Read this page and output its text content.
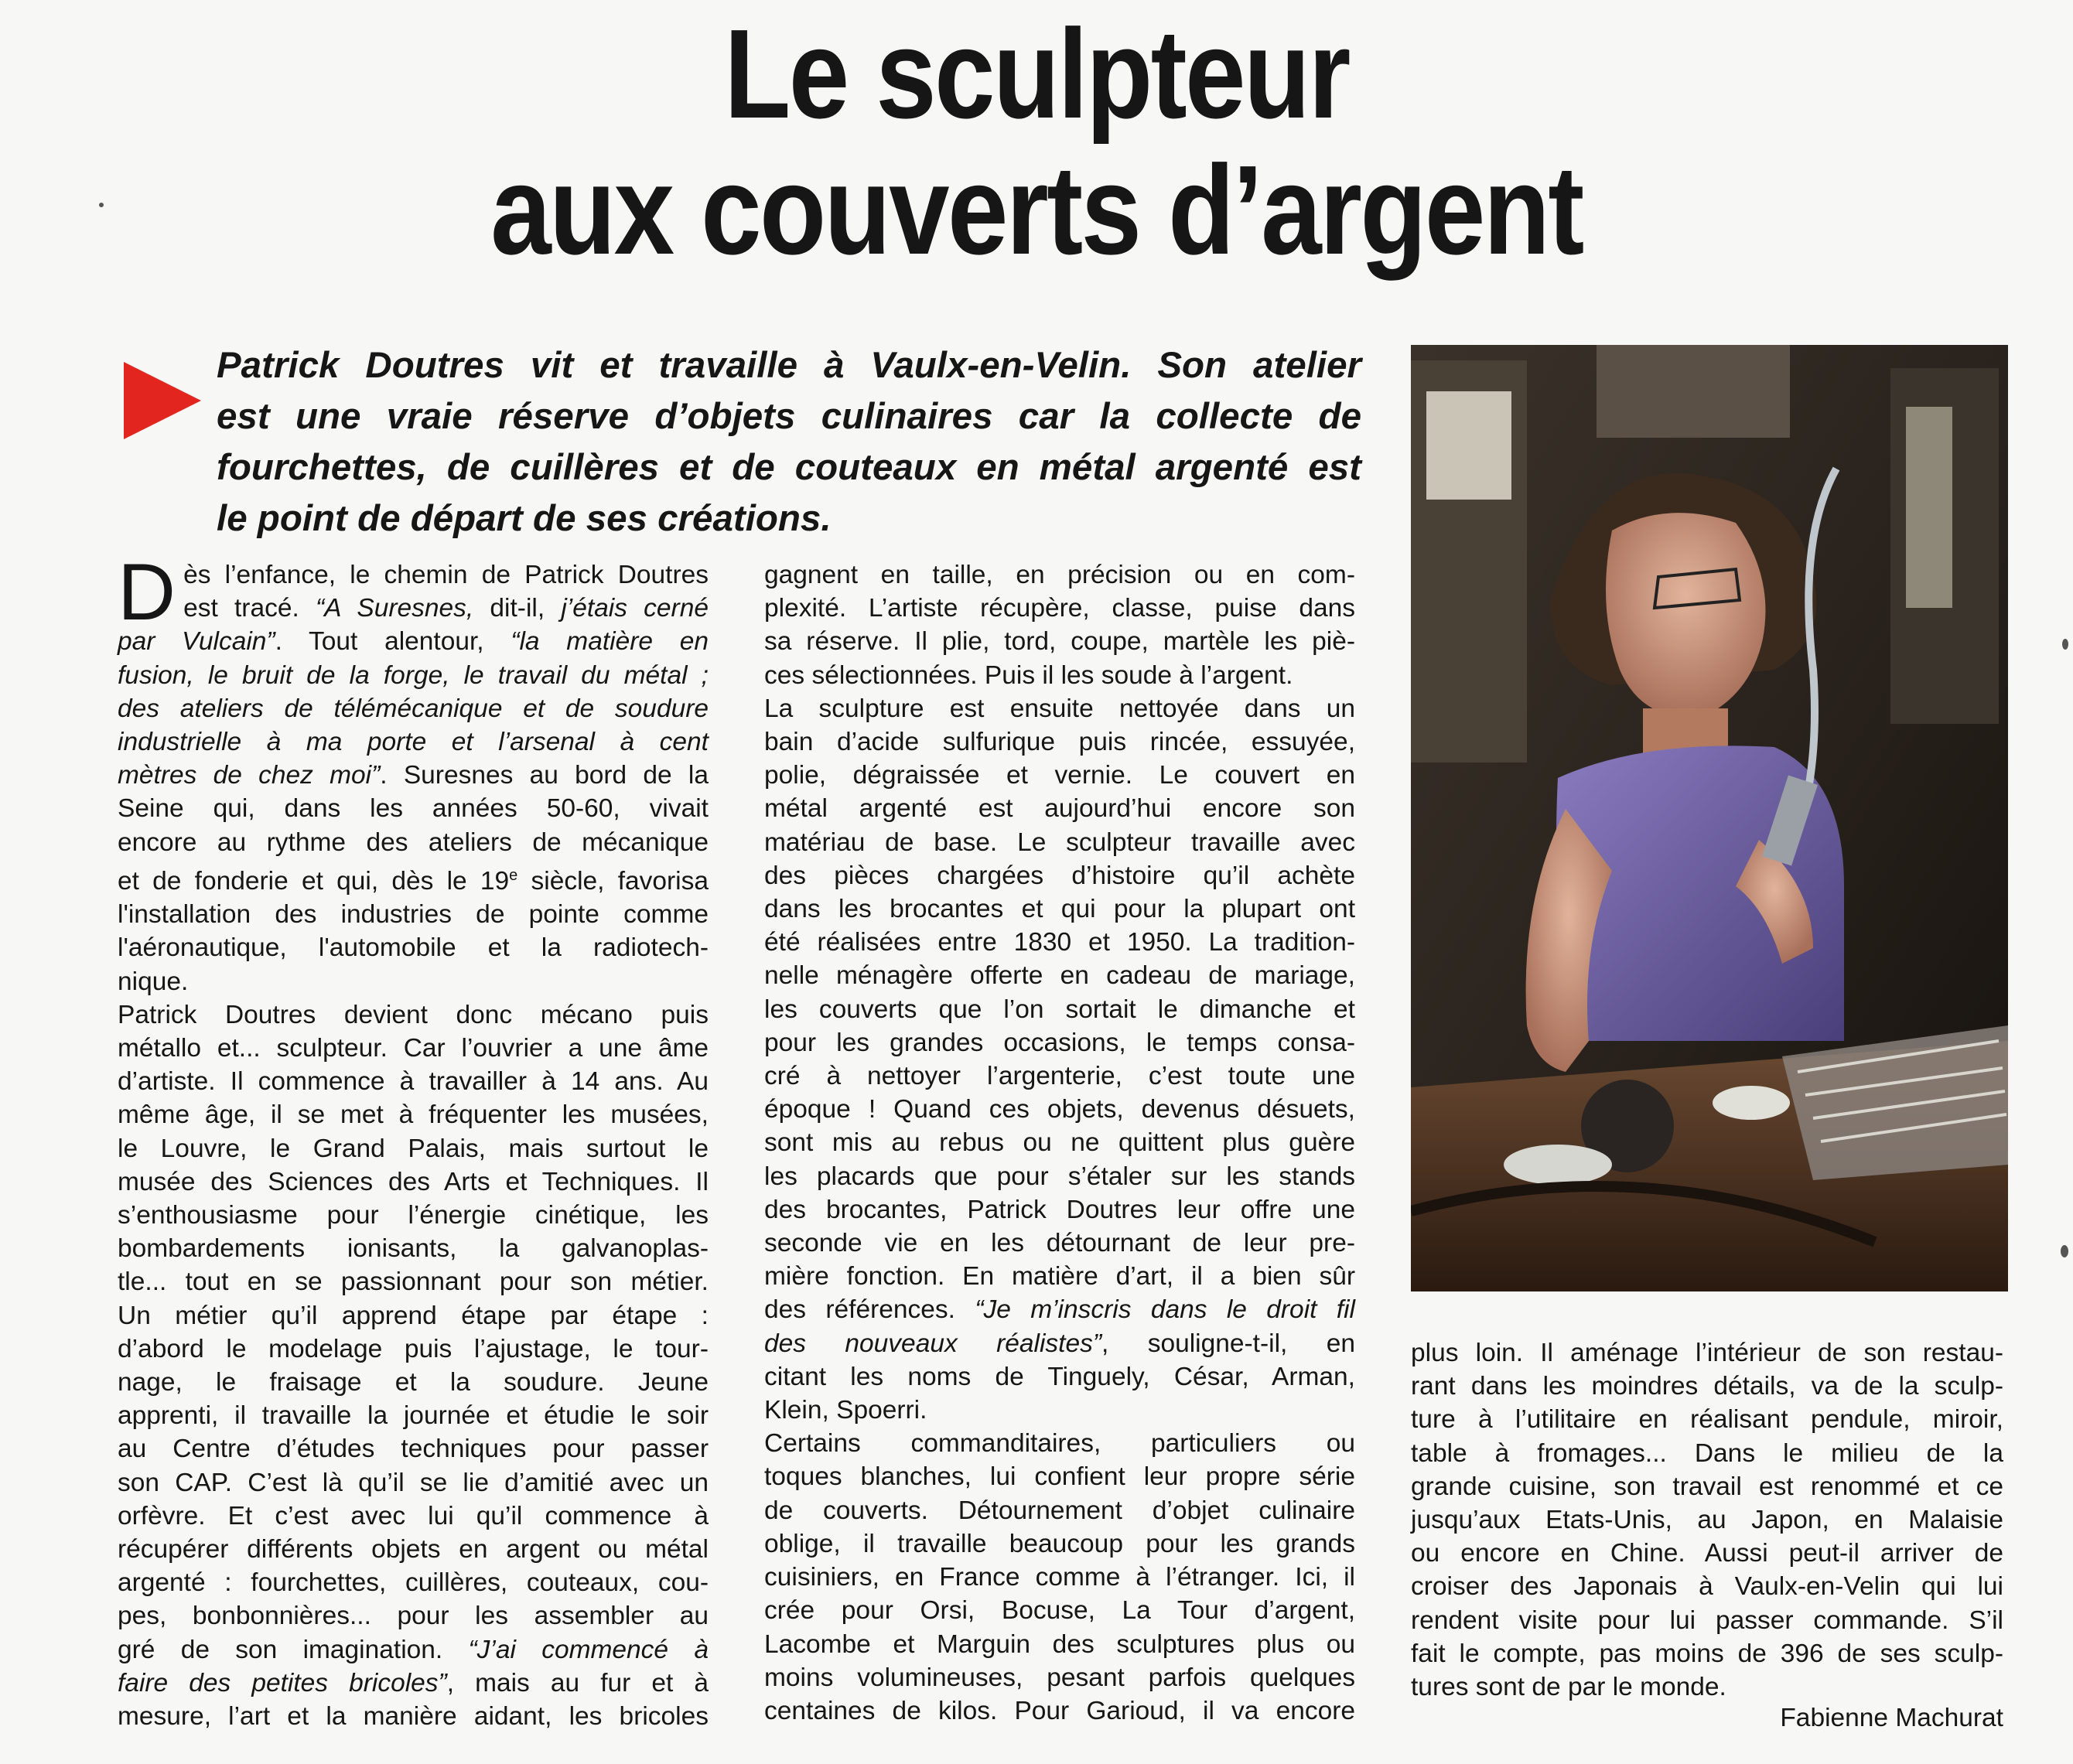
Le sculpteur
aux couverts d’argent
Patrick Doutres vit et travaille à Vaulx-en-Velin. Son atelier
est une vraie réserve d’objets culinaires car la collecte de
fourchettes, de cuillères et de couteaux en métal argenté est
le point de départ de ses créations.
D ès l’enfance, le chemin de Patrick Doutres
est tracé. “A Suresnes, dit-il, j’étais cerné
par Vulcain”. Tout alentour, “la matière en
fusion, le bruit de la forge, le travail du métal ;
des ateliers de télémécanique et de soudure
industrielle à ma porte et l’arsenal à cent
mètres de chez moi”. Suresnes au bord de la
Seine qui, dans les années 50-60, vivait
encore au rythme des ateliers de mécanique
et de fonderie et qui, dès le 19e siècle, favorisa
l'installation des industries de pointe comme
l'aéronautique, l'automobile et la radiotech-
nique.
Patrick Doutres devient donc mécano puis
métallo et... sculpteur. Car l’ouvrier a une âme
d’artiste. Il commence à travailler à 14 ans. Au
même âge, il se met à fréquenter les musées,
le Louvre, le Grand Palais, mais surtout le
musée des Sciences des Arts et Techniques. Il
s’enthousiasme pour l’énergie cinétique, les
bombardements ionisants, la galvanoplas-
tle... tout en se passionnant pour son métier.
Un métier qu’il apprend étape par étape :
d’abord le modelage puis l’ajustage, le tour-
nage, le fraisage et la soudure. Jeune
apprenti, il travaille la journée et étudie le soir
au Centre d’études techniques pour passer
son CAP. C’est là qu’il se lie d’amitié avec un
orfèvre. Et c’est avec lui qu’il commence à
récupérer différents objets en argent ou métal
argenté : fourchettes, cuillères, couteaux, cou-
pes, bonbonnières... pour les assembler au
gré de son imagination. “J’ai commencé à
faire des petites bricoles”, mais au fur et à
mesure, l’art et la manière aidant, les bricoles
gagnent en taille, en précision ou en com-
plexité. L’artiste récupère, classe, puise dans
sa réserve. Il plie, tord, coupe, martèle les piè-
ces sélectionnées. Puis il les soude à l’argent.
La sculpture est ensuite nettoyée dans un
bain d’acide sulfurique puis rincée, essuyée,
polie, dégraissée et vernie. Le couvert en
métal argenté est aujourd’hui encore son
matériau de base. Le sculpteur travaille avec
des pièces chargées d’histoire qu’il achète
dans les brocantes et qui pour la plupart ont
été réalisées entre 1830 et 1950. La tradition-
nelle ménagère offerte en cadeau de mariage,
les couverts que l’on sortait le dimanche et
pour les grandes occasions, le temps consa-
cré à nettoyer l’argenterie, c’est toute une
époque ! Quand ces objets, devenus désuets,
sont mis au rebus ou ne quittent plus guère
les placards que pour s’étaler sur les stands
des brocantes, Patrick Doutres leur offre une
seconde vie en les détournant de leur pre-
mière fonction. En matière d’art, il a bien sûr
des références. “Je m’inscris dans le droit fil
des nouveaux réalistes”, souligne-t-il, en
citant les noms de Tinguely, César, Arman,
Klein, Spoerri.
Certains commanditaires, particuliers ou
toques blanches, lui confient leur propre série
de couverts. Détournement d’objet culinaire
oblige, il travaille beaucoup pour les grands
cuisiniers, en France comme à l’étranger. Ici, il
crée pour Orsi, Bocuse, La Tour d’argent,
Lacombe et Marguin des sculptures plus ou
moins volumineuses, pesant parfois quelques
centaines de kilos. Pour Garioud, il va encore
plus loin. Il aménage l’intérieur de son restau-
rant dans les moindres détails, va de la sculp-
ture à l’utilitaire en réalisant pendule, miroir,
table à fromages... Dans le milieu de la
grande cuisine, son travail est renommé et ce
jusqu’aux Etats-Unis, au Japon, en Malaisie
ou encore en Chine. Aussi peut-il arriver de
croiser des Japonais à Vaulx-en-Velin qui lui
rendent visite pour lui passer commande. S’il
fait le compte, pas moins de 396 de ses sculp-
tures sont de par le monde.
Fabienne Machurat
